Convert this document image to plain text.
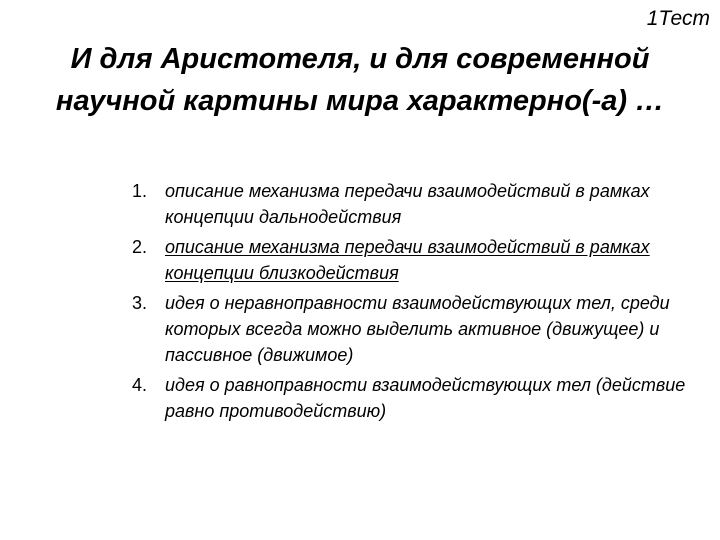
1Тест
И для Аристотеля, и для современной научной картины мира характерно(-а) …
1. описание механизма передачи взаимодействий в рамках концепции дальнодействия
2. описание механизма передачи взаимодействий в рамках концепции близкодействия
3. идея о неравноправности взаимодействующих тел, среди которых всегда можно выделить активное (движущее) и пассивное (движимое)
4. идея о равноправности взаимодействующих тел (действие равно противодействию)
